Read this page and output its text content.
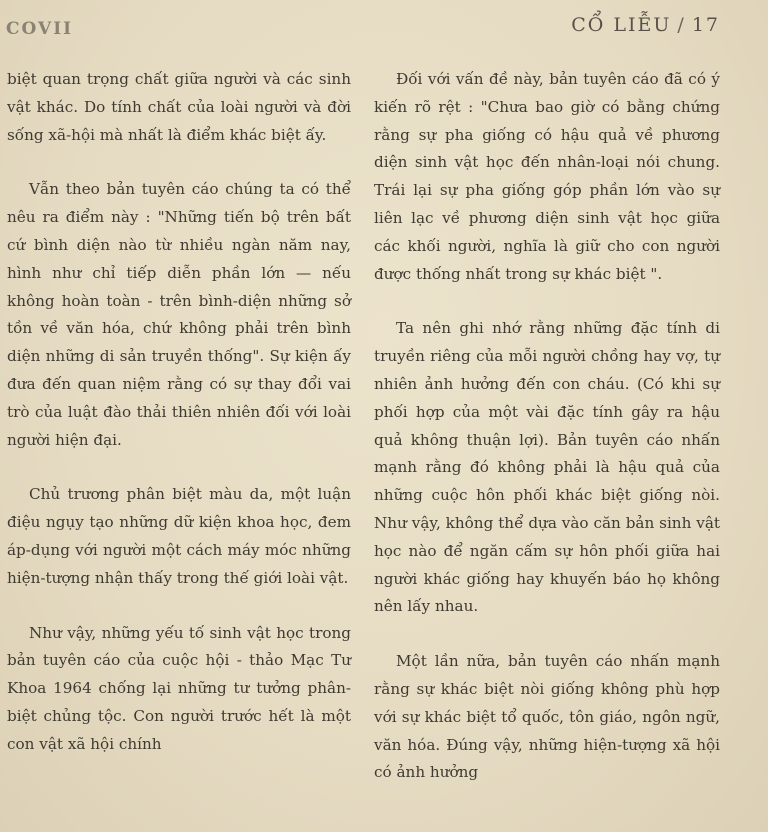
COVII	CỔ LIỄU / 17

biệt quan trọng chất giữa người và các sinh vật khác. Do tính chất của loài người và đời sống xã-hội mà nhất là điểm khác biệt ấy.

Vẫn theo bản tuyên cáo chúng ta có thể nêu ra điểm này : "Những tiến bộ trên bất cứ bình diện nào từ nhiều ngàn năm nay, hình như chỉ tiếp diễn phần lớn — nếu không hoàn toàn - trên bình-diện những sở tồn về văn hóa, chứ không phải trên bình diện những di sản truyền thống". Sự kiện ấy đưa đến quan niệm rằng có sự thay đổi vai trò của luật đào thải thiên nhiên đối với loài người hiện đại.

Chủ trương phân biệt màu da, một luận điệu ngụy tạo những dữ kiện khoa học, đem áp-dụng với người một cách máy móc những hiện-tượng nhận thấy trong thế giới loài vật.

Như vậy, những yếu tố sinh vật học trong bản tuyên cáo của cuộc hội - thảo Mạc Tư Khoa 1964 chống lại những tư tưởng phân-biệt chủng tộc. Con người trước hết là một con vật xã hội chính

Đối với vấn đề này, bản tuyên cáo đã có ý kiến rõ rệt : "Chưa bao giờ có bằng chứng rằng sự pha giống có hậu quả về phương diện sinh vật học đến nhân-loại nói chung. Trái lại sự pha giống góp phần lớn vào sự liên lạc về phương diện sinh vật học giữa các khối người, nghĩa là giữ cho con người được thống nhất trong sự khác biệt ".

Ta nên ghi nhớ rằng những đặc tính di truyền riêng của mỗi người chồng hay vợ, tự nhiên ảnh hưởng đến con cháu. (Có khi sự phối hợp của một vài đặc tính gây ra hậu quả không thuận lợi). Bản tuyên cáo nhấn mạnh rằng đó không phải là hậu quả của những cuộc hôn phối khác biệt giống nòi. Như vậy, không thể dựa vào căn bản sinh vật học nào để ngăn cấm sự hôn phối giữa hai người khác giống hay khuyến báo họ không nên lấy nhau.

Một lần nữa, bản tuyên cáo nhấn mạnh rằng sự khác biệt nòi giống không phù hợp với sự khác biệt tổ quốc, tôn giáo, ngôn ngữ, văn hóa. Đúng vậy, những hiện-tượng xã hội có ảnh hưởng
